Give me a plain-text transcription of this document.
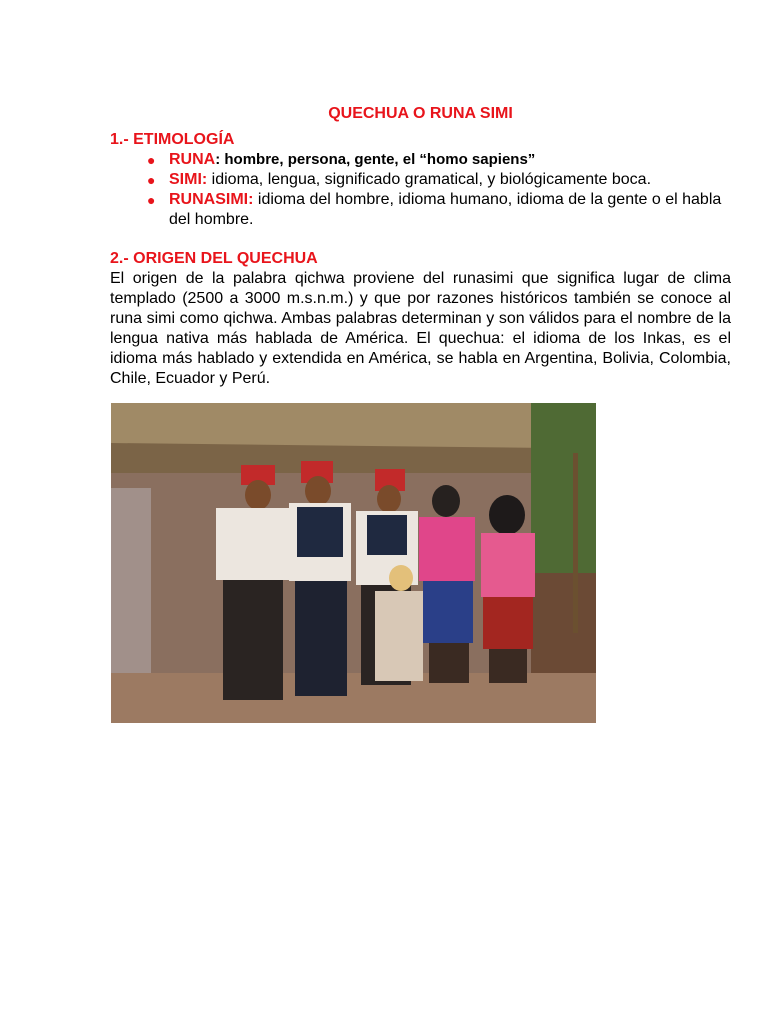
QUECHUA O RUNA SIMI
1.- ETIMOLOGÍA
● RUNA: hombre, persona, gente, el “homo sapiens”
● SIMI: idioma, lengua, significado gramatical, y biológicamente boca.
● RUNASIMI: idioma del hombre, idioma humano, idioma de la gente o el habla del hombre.
2.- ORIGEN DEL QUECHUA

El origen de la palabra qichwa proviene del runasimi que significa lugar de clima templado (2500 a 3000 m.s.n.m.) y que por razones históricos también se conoce al runa simi como qichwa. Ambas palabras determinan y son válidos para el nombre de la lengua nativa más hablada de América. El quechua: el idioma de los Inkas, es el idioma más hablado y extendida en América, se habla en Argentina, Bolivia, Colombia, Chile, Ecuador y Perú.
